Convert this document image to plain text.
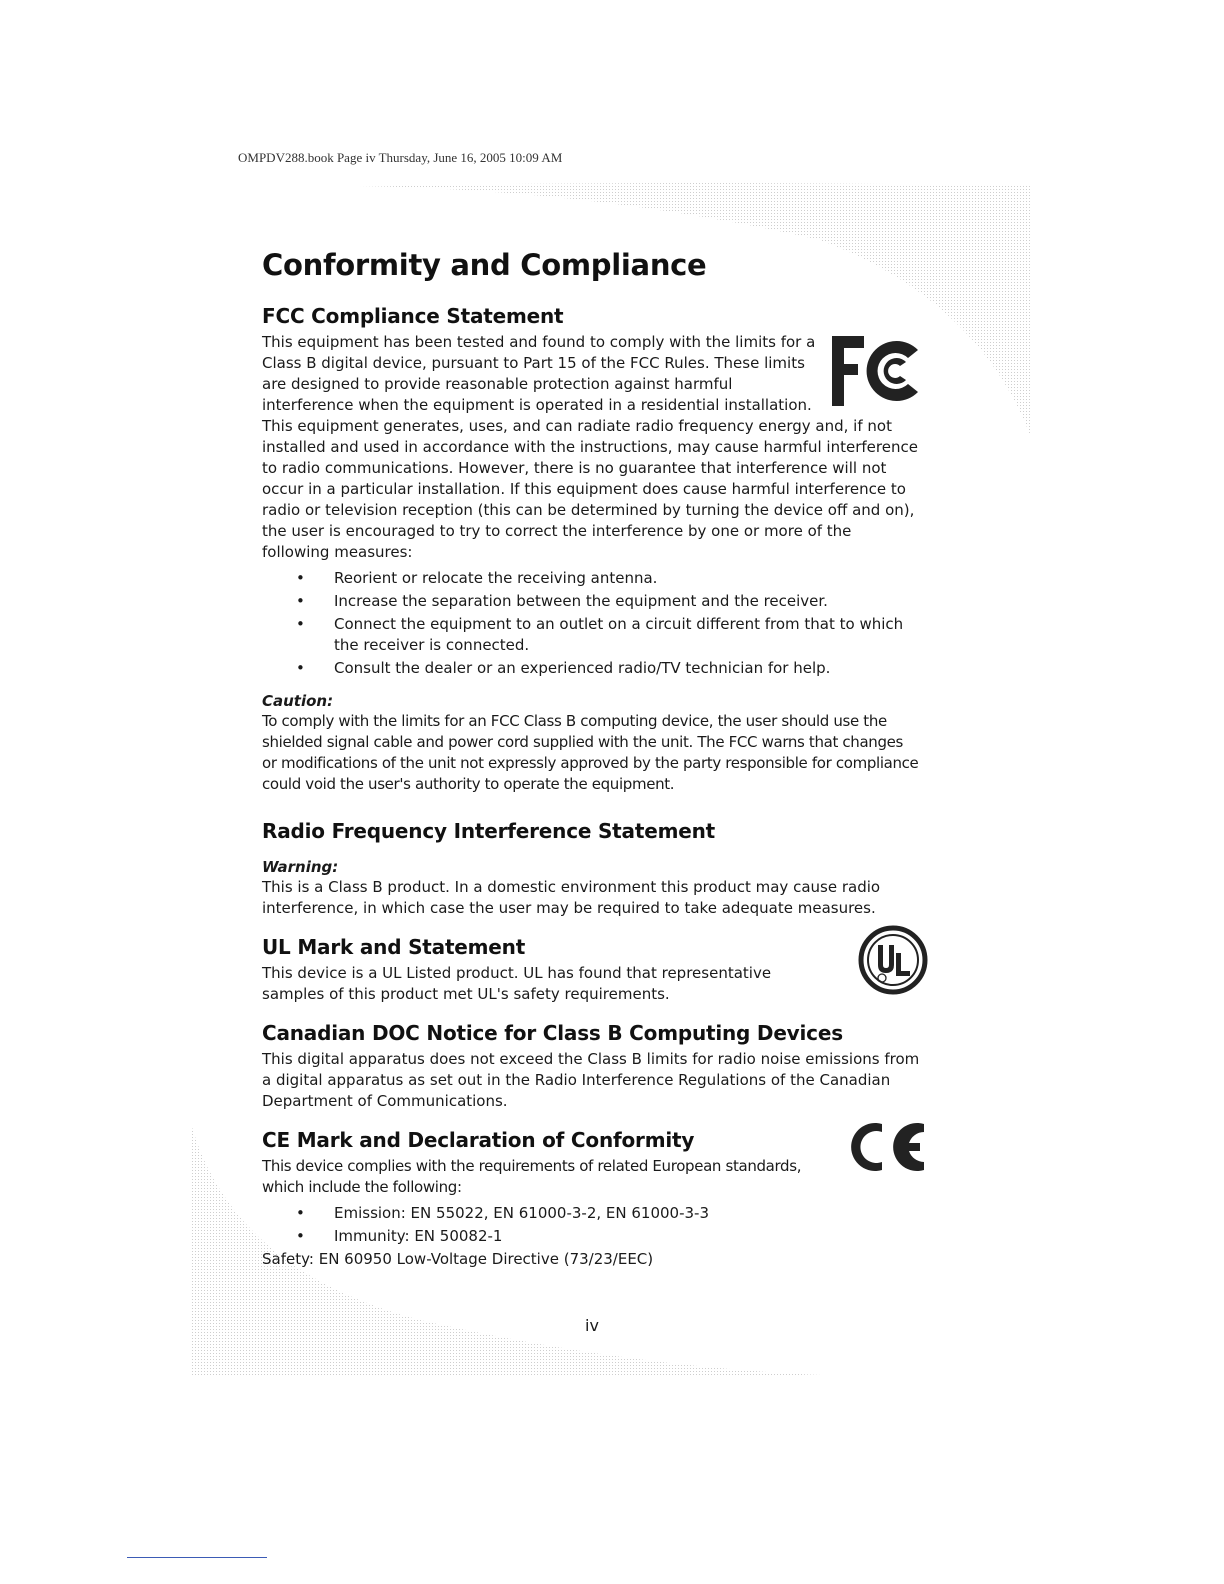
OMPDV288.book Page iv Thursday, June 16, 2005 10:09 AM
Conformity and Compliance
FCC Compliance Statement

This equipment has been tested and found to comply with the limits for a Class B digital device, pursuant to Part 15 of the FCC Rules. These limits are designed to provide reasonable protection against harmful interference when the equipment is operated in a residential installation. This equipment generates, uses, and can radiate radio frequency energy and, if not installed and used in accordance with the instructions, may cause harmful interference to radio communications. However, there is no guarantee that interference will not occur in a particular installation. If this equipment does cause harmful interference to radio or television reception (this can be determined by turning the device off and on), the user is encouraged to try to correct the interference by one or more of the following measures:

• Reorient or relocate the receiving antenna.
• Increase the separation between the equipment and the receiver.
• Connect the equipment to an outlet on a circuit different from that to which the receiver is connected.
• Consult the dealer or an experienced radio/TV technician for help.
Caution:

To comply with the limits for an FCC Class B computing device, the user should use the shielded signal cable and power cord supplied with the unit. The FCC warns that changes or modifications of the unit not expressly approved by the party responsible for compliance could void the user's authority to operate the equipment.

Radio Frequency Interference Statement
Warning:

This is a Class B product. In a domestic environment this product may cause radio interference, in which case the user may be required to take adequate measures.

UL Mark and Statement

This device is a UL Listed product. UL has found that representative samples of this product met UL's safety requirements.

Canadian DOC Notice for Class B Computing Devices

This digital apparatus does not exceed the Class B limits for radio noise emissions from a digital apparatus as set out in the Radio Interference Regulations of the Canadian Department of Communications.

CE Mark and Declaration of Conformity

This device complies with the requirements of related European standards, which include the following:

• Emission: EN 55022, EN 61000-3-2, EN 61000-3-3
• Immunity: EN 50082-1

Safety: EN 60950 Low-Voltage Directive (73/23/EEC)

iv
